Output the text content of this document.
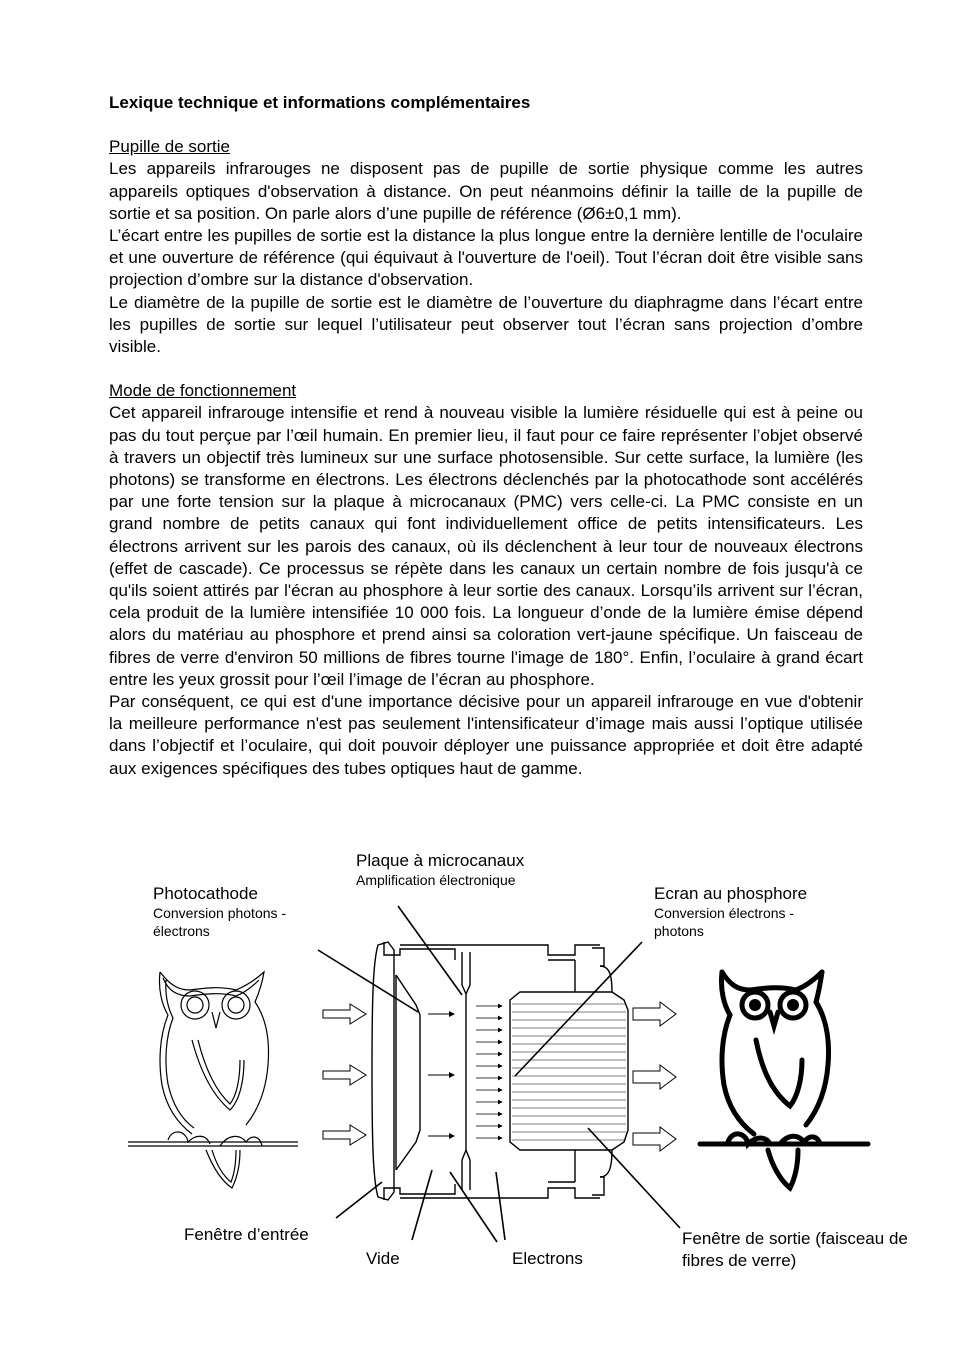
Lexique technique et informations complémentaires

Pupille de sortie

Les appareils infrarouges ne disposent pas de pupille de sortie physique comme les autres appareils optiques d'observation à distance. On peut néanmoins définir la taille de la pupille de sortie et sa position. On parle alors d’une pupille de référence (Ø6±0,1 mm).

L’écart entre les pupilles de sortie est la distance la plus longue entre la dernière lentille de l'oculaire et une ouverture de référence (qui équivaut à l'ouverture de l'oeil). Tout l’écran doit être visible sans projection d’ombre sur la distance d'observation.

Le diamètre de la pupille de sortie est le diamètre de l’ouverture du diaphragme dans l’écart entre les pupilles de sortie sur lequel l’utilisateur peut observer tout l’écran sans projection d’ombre visible.

Mode de fonctionnement

Cet appareil infrarouge intensifie et rend à nouveau visible la lumière résiduelle qui est à peine ou pas du tout perçue par l’œil humain. En premier lieu, il faut pour ce faire représenter l’objet observé à travers un objectif très lumineux sur une surface photosensible. Sur cette surface, la lumière (les photons) se transforme en électrons. Les électrons déclenchés par la photocathode sont accélérés par une forte tension sur la plaque à microcanaux (PMC) vers celle-ci. La PMC consiste en un grand nombre de petits canaux qui font individuellement office de petits intensificateurs. Les électrons arrivent sur les parois des canaux, où ils déclenchent à leur tour de nouveaux électrons (effet de cascade). Ce processus se répète dans les canaux un certain nombre de fois jusqu'à ce qu'ils soient attirés par l'écran au phosphore à leur sortie des canaux. Lorsqu’ils arrivent sur l’écran, cela produit de la lumière intensifiée 10 000 fois. La longueur d’onde de la lumière émise dépend alors du matériau au phosphore et prend ainsi sa coloration vert-jaune spécifique. Un faisceau de fibres de verre d'environ 50 millions de fibres tourne l'image de 180°. Enfin, l’oculaire à grand écart entre les yeux grossit pour l’œil l’image de l’écran au phosphore.

Par conséquent, ce qui est d'une importance décisive pour un appareil infrarouge en vue d'obtenir la meilleure performance n'est pas seulement l'intensificateur d’image mais aussi l’optique utilisée dans l’objectif et l’oculaire, qui doit pouvoir déployer une puissance appropriée et doit être adapté aux exigences spécifiques des tubes optiques haut de gamme.

Plaque à microcanaux
Amplification électronique
Photocathode
Conversion photons - électrons
Ecran au phosphore
Conversion électrons - photons
Fenêtre d’entrée
Vide	Electrons
Fenêtre de sortie (faisceau de fibres de verre)
